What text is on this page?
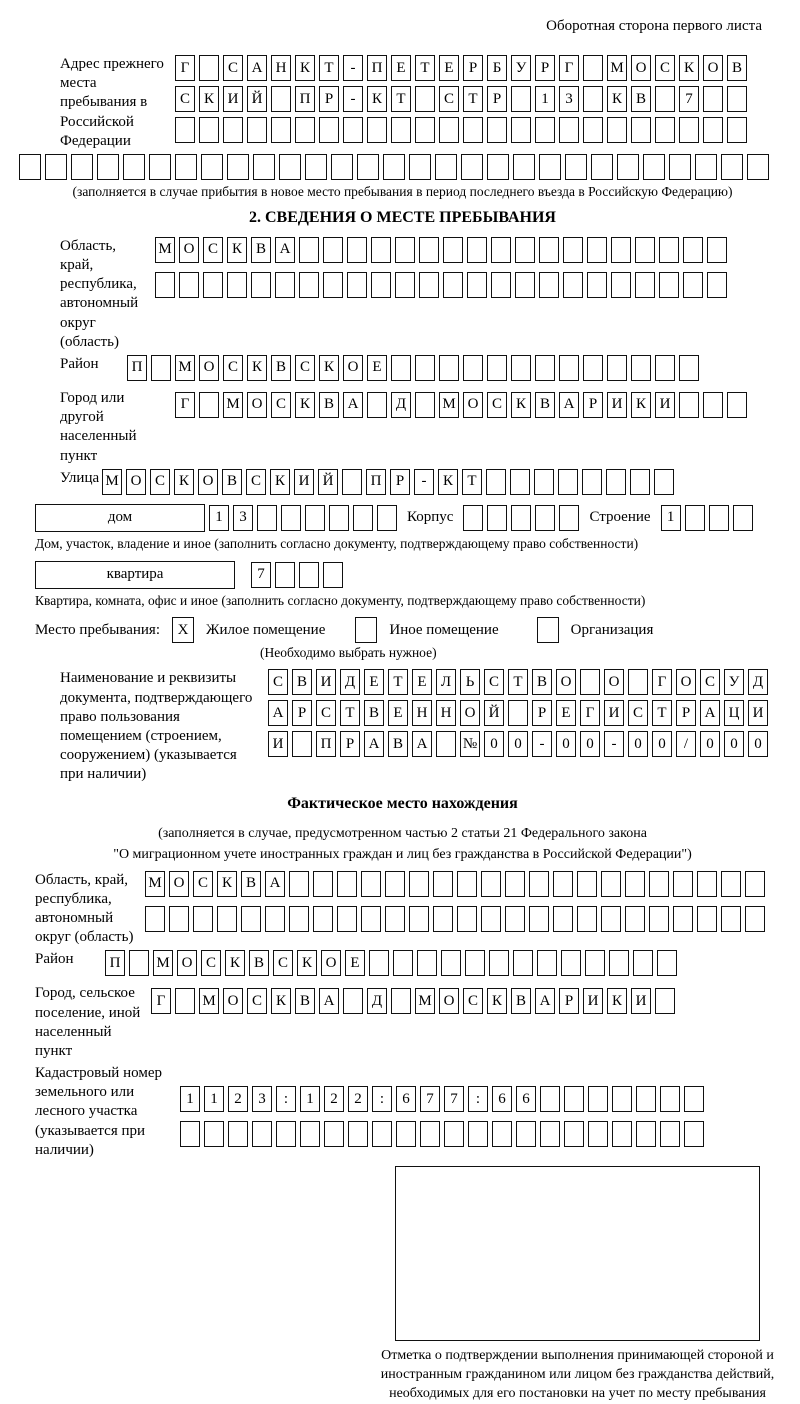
Оборотная сторона первого листа
Адрес прежнего места пребывания в Российской Федерации
Г	С А Н К Т	-	П Е Т Е	Р	Б У Р	Г	М О С К О В
С К И Й	П Р	-	К Т	С Т	Р	1	3	К В	7
(заполняется в случае прибытия в новое место пребывания в период последнего въезда в Российскую Федерацию)
2. СВЕДЕНИЯ О МЕСТЕ ПРЕБЫВАНИЯ
Область, край, республика, автономный округ (область)
М О С К В А
Район	П	М О С К В С К О Е
Город или другой населенный пункт
Г	М О С К В А	Д	М О С К В А Р И К И
Улица М О С К О В С К И Й	П Р	-	К Т
дом	1	3	Корпус	Строение	1
Дом, участок, владение и иное (заполнить согласно документу, подтверждающему право собственности)
квартира	7
Квартира, комната, офис и иное (заполнить согласно документу, подтверждающему право собственности)
Место пребывания:	X	Жилое помещение	Иное помещение	Организация
(Необходимо выбрать нужное)
Наименование и реквизиты документа, подтверждающего право пользования помещением (строением, сооружением) (указывается при наличии)
С В И Д Е Т Е Л Ь С Т В О	О	Г О С У Д
А Р С Т В Е Н Н О Й	Р	Е	Г И С Т	Р А Ц И
И	П Р А В А	№ 0	0	-	0	0	-	0	0	/	0	0	0
Фактическое место нахождения
(заполняется в случае, предусмотренном частью 2 статьи 21 Федерального закона
"О миграционном учете иностранных граждан и лиц без гражданства в Российской Федерации")
Область, край, республика, автономный округ (область)
М О С К В А
Район	П	М О С К В С К О Е
Город, сельское поселение, иной населенный пункт
Г	М О С К В А	Д	М О С К В А Р И К И
Кадастровый номер земельного или лесного участка (указывается при наличии)
1	1	2	3	:	1	2	2	:	6	7	7	:	6	6
Отметка о подтверждении выполнения принимающей стороной и иностранным гражданином или лицом без гражданства действий, необходимых для его постановки на учет по месту пребывания
